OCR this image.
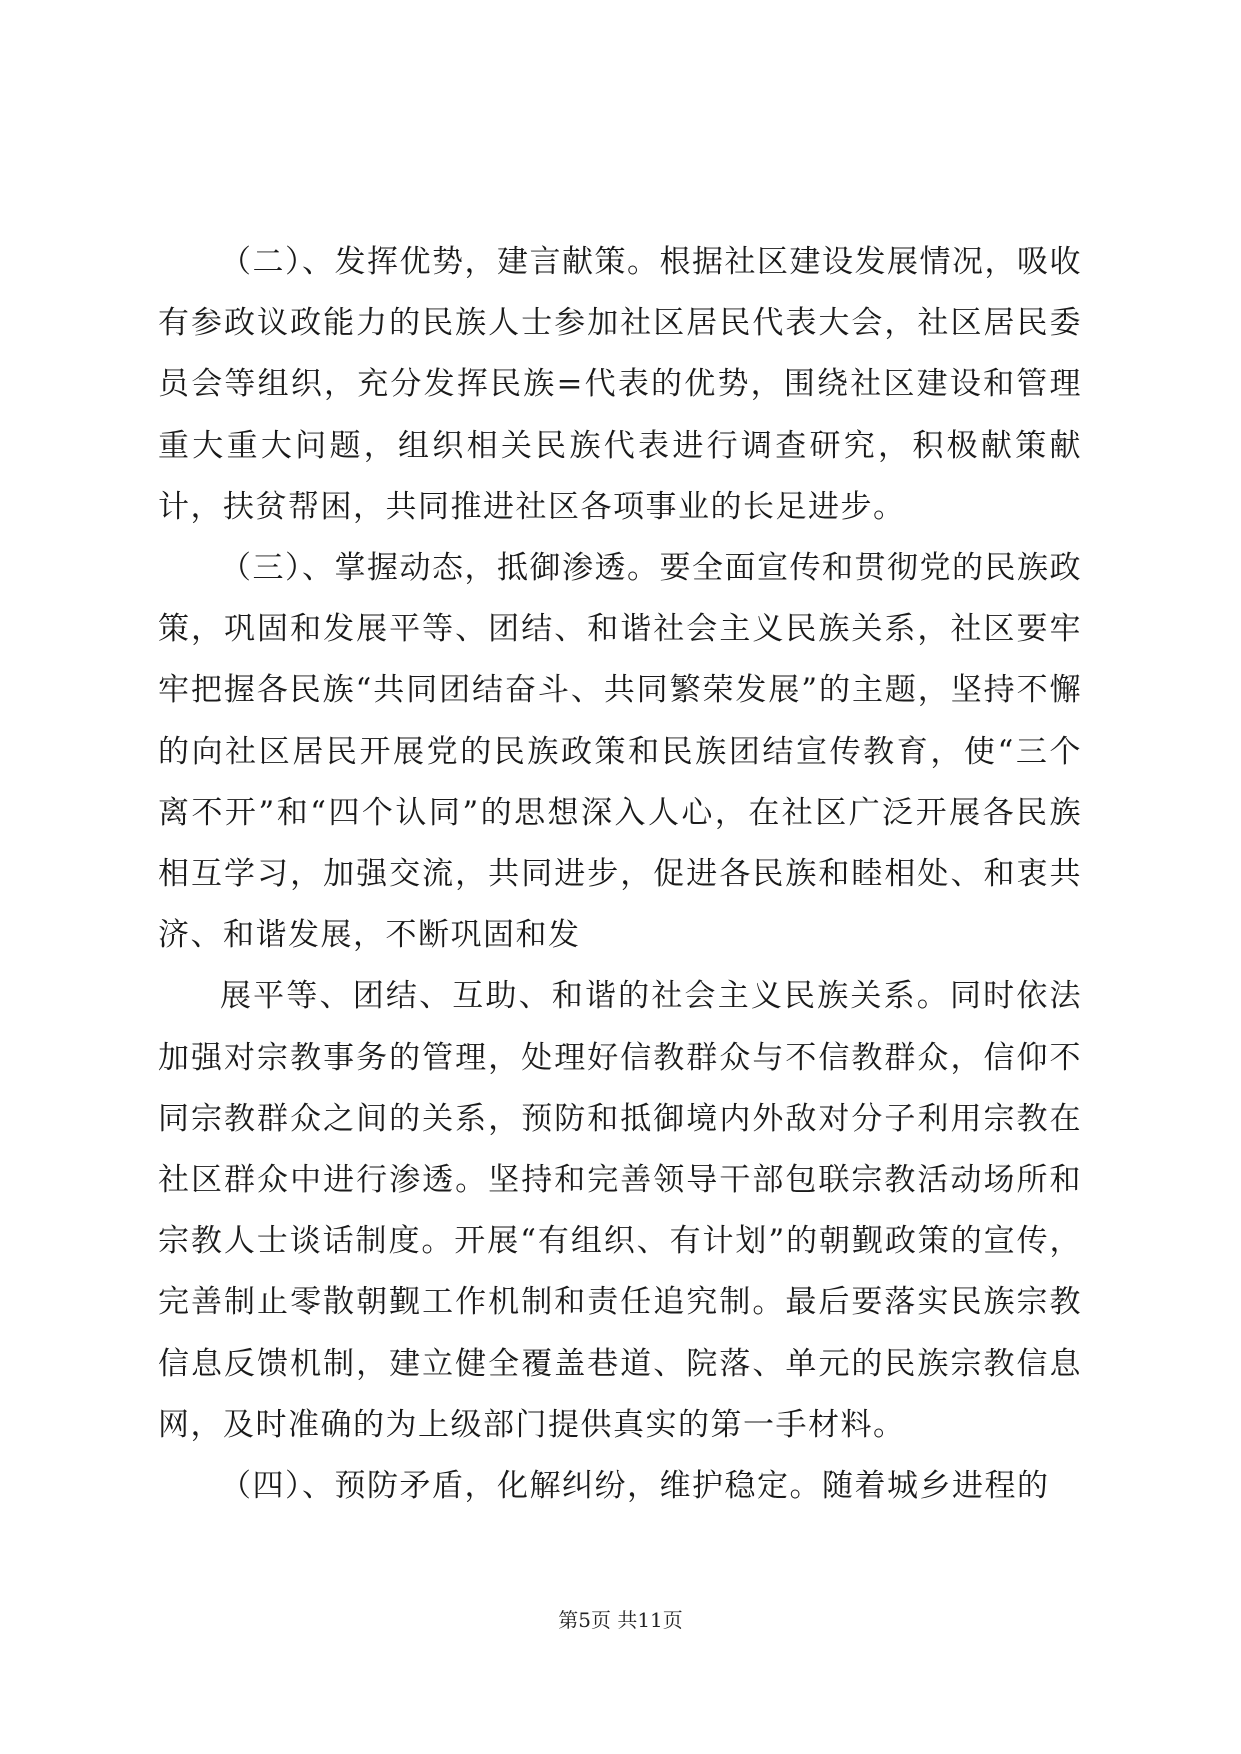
（二）、发挥优势，建言献策。根据社区建设发展情况，吸收有参政议政能力的民族人士参加社区居民代表大会，社区居民委员会等组织，充分发挥民族=代表的优势，围绕社区建设和管理重大重大问题，组织相关民族代表进行调查研究，积极献策献计，扶贫帮困，共同推进社区各项事业的长足进步。

（三）、掌握动态，抵御渗透。要全面宣传和贯彻党的民族政策，巩固和发展平等、团结、和谐社会主义民族关系，社区要牢牢把握各民族“共同团结奋斗、共同繁荣发展”的主题，坚持不懈的向社区居民开展党的民族政策和民族团结宣传教育，使“三个离不开”和“四个认同”的思想深入人心，在社区广泛开展各民族相互学习，加强交流，共同进步，促进各民族和睦相处、和衷共济、和谐发展，不断巩固和发

展平等、团结、互助、和谐的社会主义民族关系。同时依法加强对宗教事务的管理，处理好信教群众与不信教群众，信仰不同宗教群众之间的关系，预防和抵御境内外敌对分子利用宗教在社区群众中进行渗透。坚持和完善领导干部包联宗教活动场所和宗教人士谈话制度。开展“有组织、有计划”的朝觐政策的宣传，完善制止零散朝觐工作机制和责任追究制。最后要落实民族宗教信息反馈机制，建立健全覆盖巷道、院落、单元的民族宗教信息网，及时准确的为上级部门提供真实的第一手材料。

（四）、预防矛盾，化解纠纷，维护稳定。随着城乡进程的

第5页 共11页
